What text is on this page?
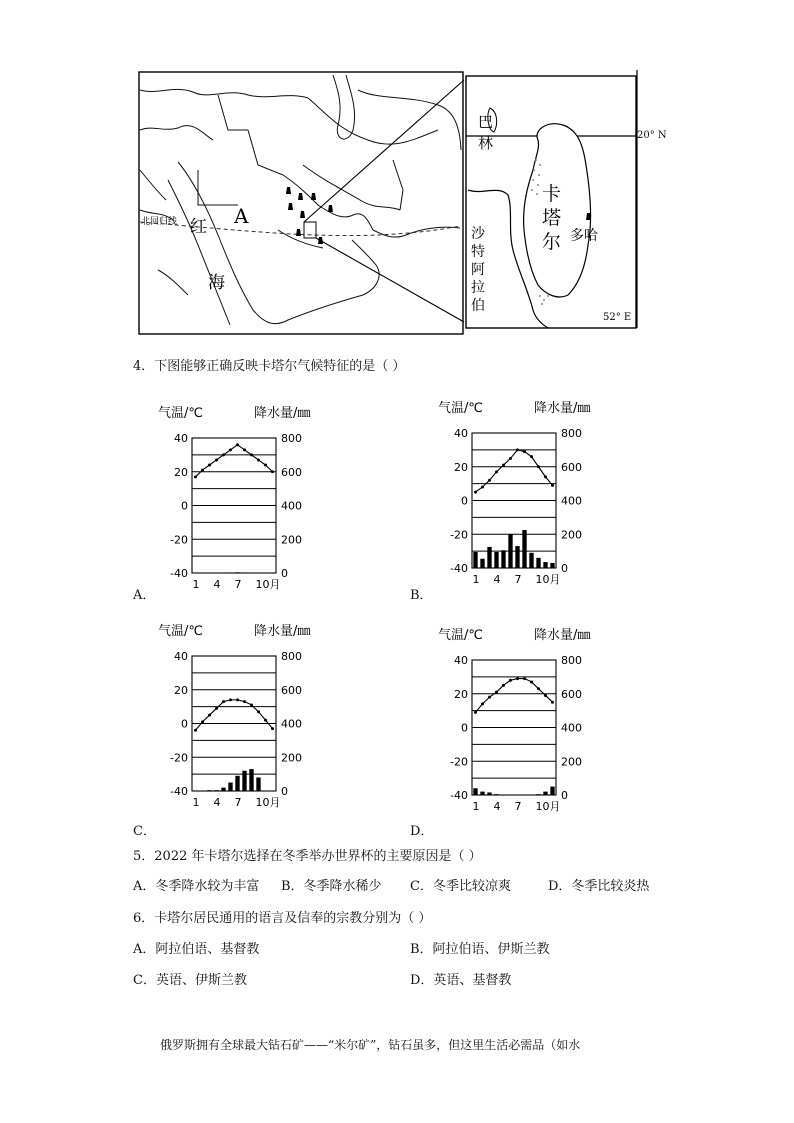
北回归线 红
海
A
巴
林
卡
塔
尔 多哈
沙
特
阿
拉
伯
52° E
20° N
4．下图能够正确反映卡塔尔气候特征的是（ ）
气温/℃	降水量/㎜
40
20
0
-20
-40
800
600
400
200
0
1 4 7 10月
气温/℃	降水量/㎜
40
20
0
-20
-40
800
600
400
200
0
1 4 7 10月
气温/℃	降水量/㎜
40
20
0
-20
-40
800
600
400
200
0
1 4 7 10月
气温/℃	降水量/㎜
40
20
0
-20
-40
800
600
400
200
0
1 4 7 10月
A．	B．
C．	D．
5．2022 年卡塔尔选择在冬季举办世界杯的主要原因是（ ）
A．冬季降水较为丰富 B．冬季降水稀少 C．冬季比较凉爽	D．冬季比较炎热
6．卡塔尔居民通用的语言及信奉的宗教分别为（ ）
A．阿拉伯语、基督教	B．阿拉伯语、伊斯兰教
C．英语、伊斯兰教	D．英语、基督教
俄罗斯拥有全球最大钻石矿——“米尔矿”，钻石虽多，但这里生活必需品（如水
